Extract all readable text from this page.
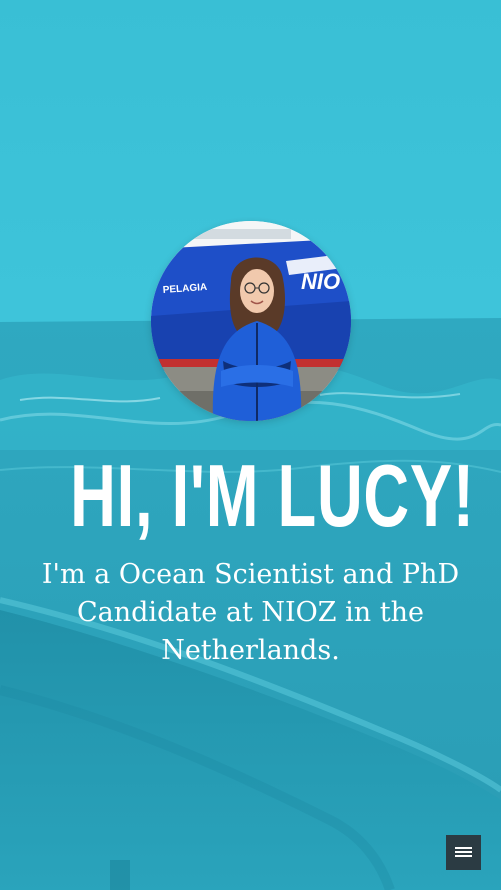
PELAGIA	NIO
HI, I'M LUCY!
I'm a Ocean Scientist and PhD Candidate at NIOZ in the Netherlands.
